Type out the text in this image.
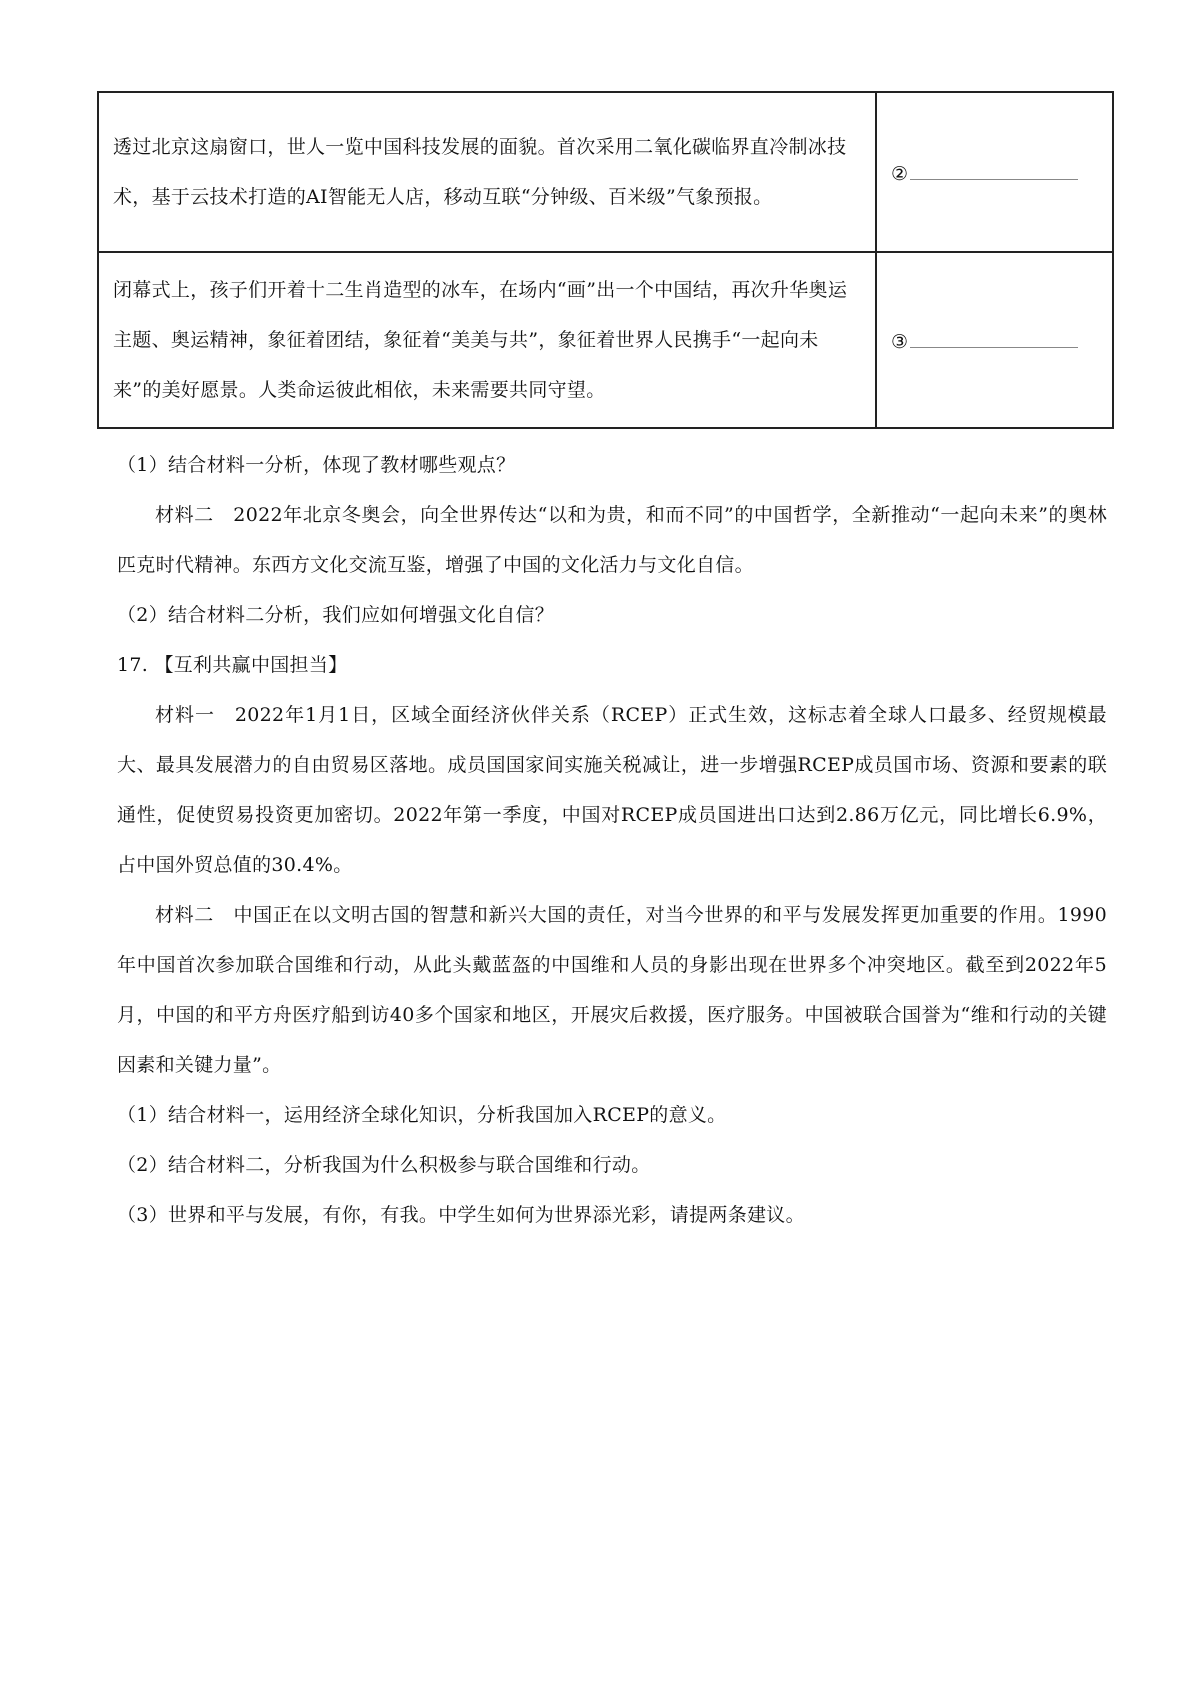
透过北京这扇窗口，世人一览中国科技发展的面貌。首次采用二氧化碳临界直冷制冰技术，基于云技术打造的AI智能无人店，移动互联“分钟级、百米级”气象预报。	②

闭幕式上，孩子们开着十二生肖造型的冰车，在场内“画”出一个中国结，再次升华奥运主题、奥运精神，象征着团结，象征着“美美与共”，象征着世界人民携手“一起向未来”的美好愿景。人类命运彼此相依，未来需要共同守望。	③
（1）结合材料一分析，体现了教材哪些观点？
材料二　2022年北京冬奥会，向全世界传达“以和为贵，和而不同”的中国哲学，全新推动“一起向未来”的奥林匹克时代精神。东西方文化交流互鉴，增强了中国的文化活力与文化自信。
（2）结合材料二分析，我们应如何增强文化自信？
17. 【互利共赢中国担当】
材料一　2022年1月1日，区域全面经济伙伴关系（RCEP）正式生效，这标志着全球人口最多、经贸规模最大、最具发展潜力的自由贸易区落地。成员国国家间实施关税减让，进一步增强RCEP成员国市场、资源和要素的联通性，促使贸易投资更加密切。2022年第一季度，中国对RCEP成员国进出口达到2.86万亿元，同比增长6.9%，占中国外贸总值的30.4%。
材料二　中国正在以文明古国的智慧和新兴大国的责任，对当今世界的和平与发展发挥更加重要的作用。1990年中国首次参加联合国维和行动，从此头戴蓝盔的中国维和人员的身影出现在世界多个冲突地区。截至到2022年5月，中国的和平方舟医疗船到访40多个国家和地区，开展灾后救援，医疗服务。中国被联合国誉为“维和行动的关键因素和关键力量”。
（1）结合材料一，运用经济全球化知识，分析我国加入RCEP的意义。
（2）结合材料二，分析我国为什么积极参与联合国维和行动。
（3）世界和平与发展，有你，有我。中学生如何为世界添光彩，请提两条建议。
